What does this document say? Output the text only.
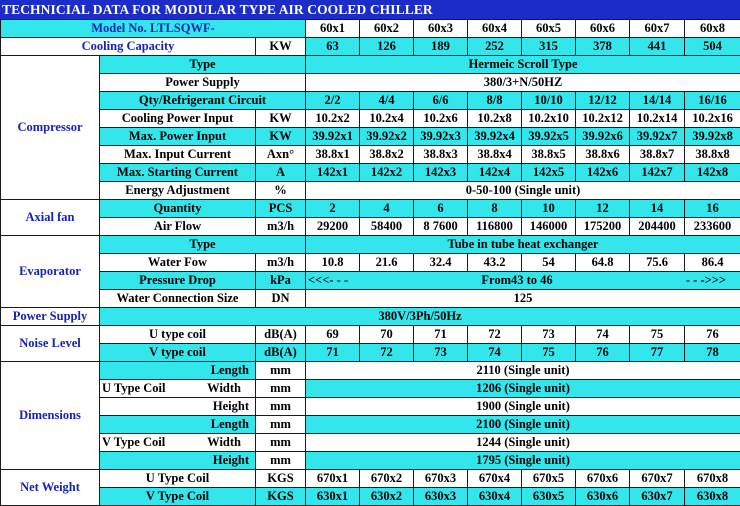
TECHNICIAL DATA FOR MODULAR TYPE AIR COOLED CHILLER
Model No. LTLSQWF-			60x1	60x2	60x3	60x4	60x5	60x6	60x7	60x8
Cooling Capacity		KW	63	126	189	252	315	378	441	504
Compressor	Type		Hermeic Scroll Type							
	Power Supply		380/3+N/50HZ							
	Qty/Refrigerant Circuit		2/2	4/4	6/6	8/8	10/10	12/12	14/14	16/16
	Cooling Power Input	KW	10.2x2	10.2x4	10.2x6	10.2x8	10.2x10	10.2x12	10.2x14	10.2x16
	Max. Power Input	KW	39.92x1	39.92x2	39.92x3	39.92x4	39.92x5	39.92x6	39.92x7	39.92x8
	Max. Input Current	Axn°	38.8x1	38.8x2	38.8x3	38.8x4	38.8x5	38.8x6	38.8x7	38.8x8
	Max. Starting Current	A	142x1	142x2	142x3	142x4	142x5	142x6	142x7	142x8
	Energy Adjustment	%	0-50-100 (Single unit)							
Axial fan	Quantity	PCS	2	4	6	8	10	12	14	16
	Air Flow	m3/h	29200	58400	8 7600	116800	146000	175200	204400	233600
Evaporator	Type		Tube in tube heat exchanger							
	Water Fow	m3/h	10.8	21.6	32.4	43.2	54	64.8	75.6	86.4
	Pressure Drop	kPa	<<<- - - From43 to 46 - - ->>>							

	Water Connection Size	DN	125							
Power Supply	380V/3Ph/50Hz									
Noise Level	U type coil	dB(A)	69	70	71	72	73	74	75	76
	V type coil	dB(A)	71	72	73	74	75	76	77	78
Dimensions	Length	mm	2110 (Single unit)							

	U Type Coil Width	mm	1206 (Single unit)							
	Height	mm	1900 (Single unit)							
	Length	mm	2100 (Single unit)							

	V Type Coil Width	mm	1244 (Single unit)							
	Height	mm	1795 (Single unit)							
Net Weight	U Type Coil	KGS	670x1	670x2	670x3	670x4	670x5	670x6	670x7	670x8
	V Type Coil	KGS	630x1	630x2	630x3	630x4	630x5	630x6	630x7	630x8
